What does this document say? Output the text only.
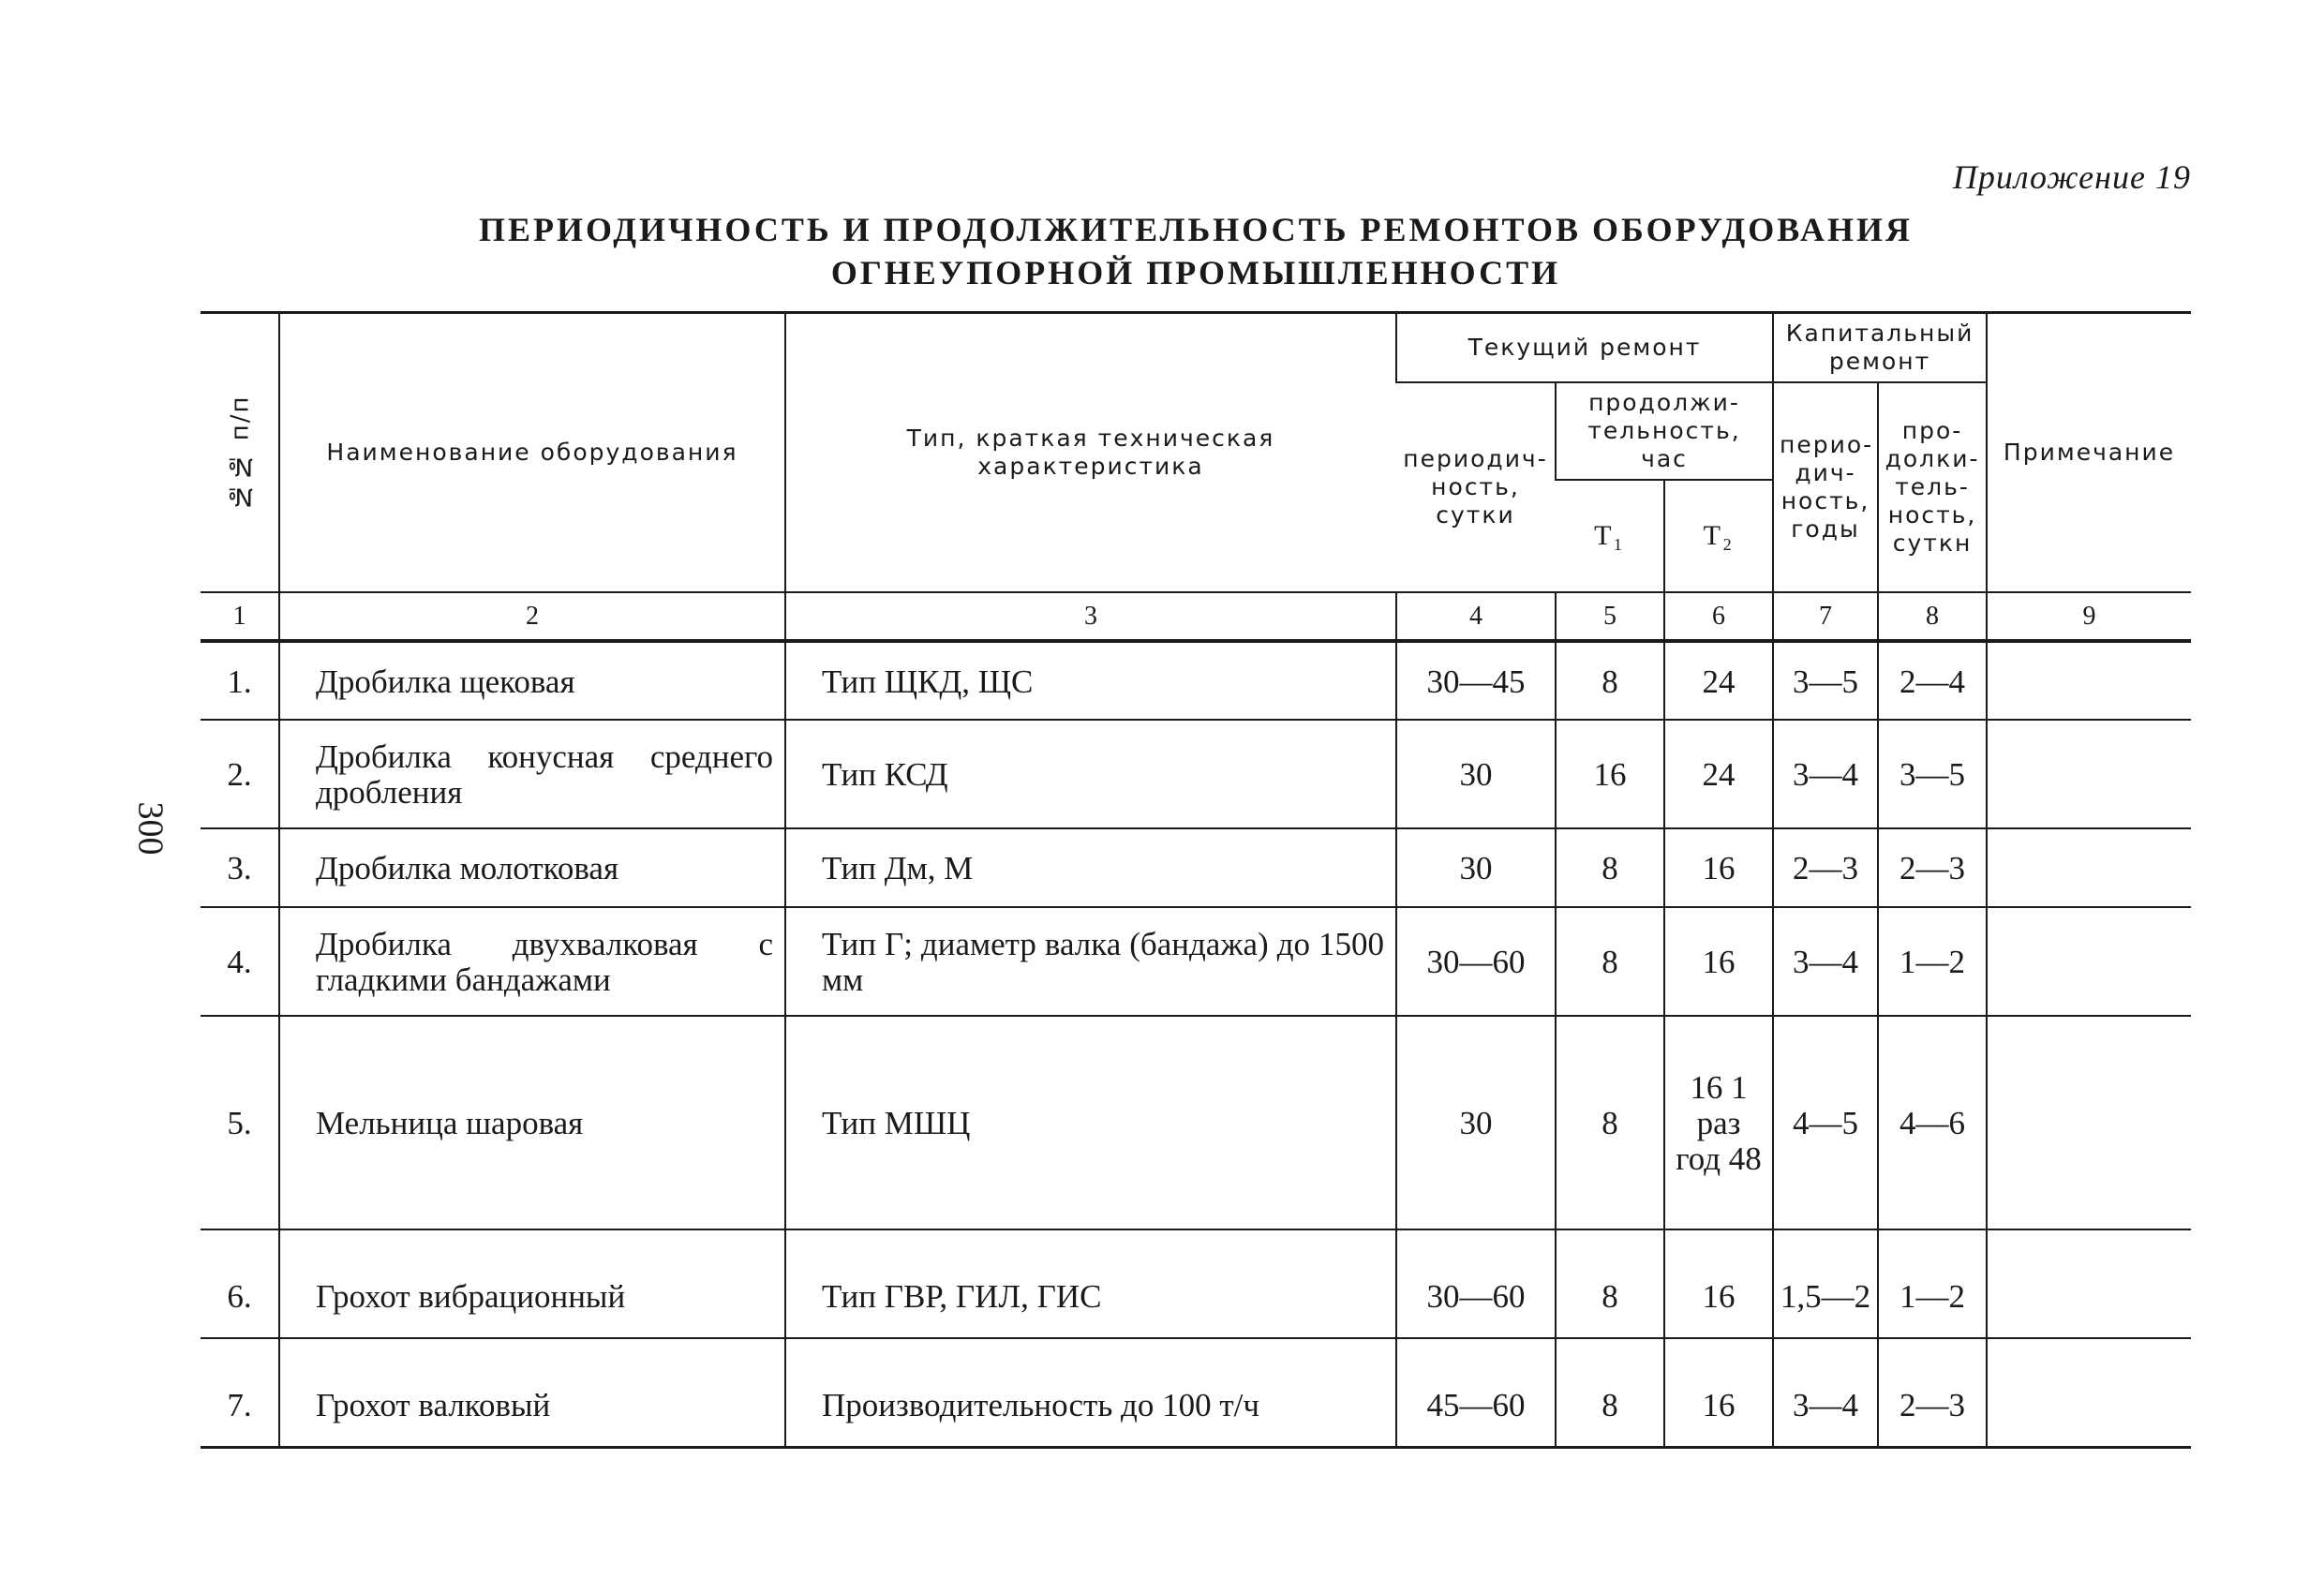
Приложение 19
ПЕРИОДИЧНОСТЬ И ПРОДОЛЖИТЕЛЬНОСТЬ РЕМОНТОВ ОБОРУДОВАНИЯ
ОГНЕУПОРНОЙ ПРОМЫШЛЕННОСТИ
300
№№ п/п	Наименование оборудования	Тип, краткая техническая характеристика	Текущий ремонт			Капитальный ремонт		Примечание
			периодич-ность, сутки	продолжи-тельность, час		перио-дич-ность, годы	про-долки-тель-ность, суткн	
				Т₁	Т₂			
1	2	3	4	5	6	7	8	9
1.	Дробилка щековая	Тип ЩКД, ЩС	30—45	8	24	3—5	2—4	
2.	Дробилка конусная среднего дробления	Тип КСД	30	16	24	3—4	3—5	
3.	Дробилка молотковая	Тип Дм, М	30	8	16	2—3	2—3	
4.	Дробилка двухвалковая с гладкими бандажами	Тип Г; диаметр валка (бандажа) до 1500 мм	30—60	8	16	3—4	1—2	
5.	Мельница шаровая	Тип МШЦ	30	8	16 1 раз год 48	4—5	4—6	
6.	Грохот вибрационный	Тип ГВР, ГИЛ, ГИС	30—60	8	16	1,5—2	1—2	
7.	Грохот валковый	Производительность до 100 т/ч	45—60	8	16	3—4	2—3	
